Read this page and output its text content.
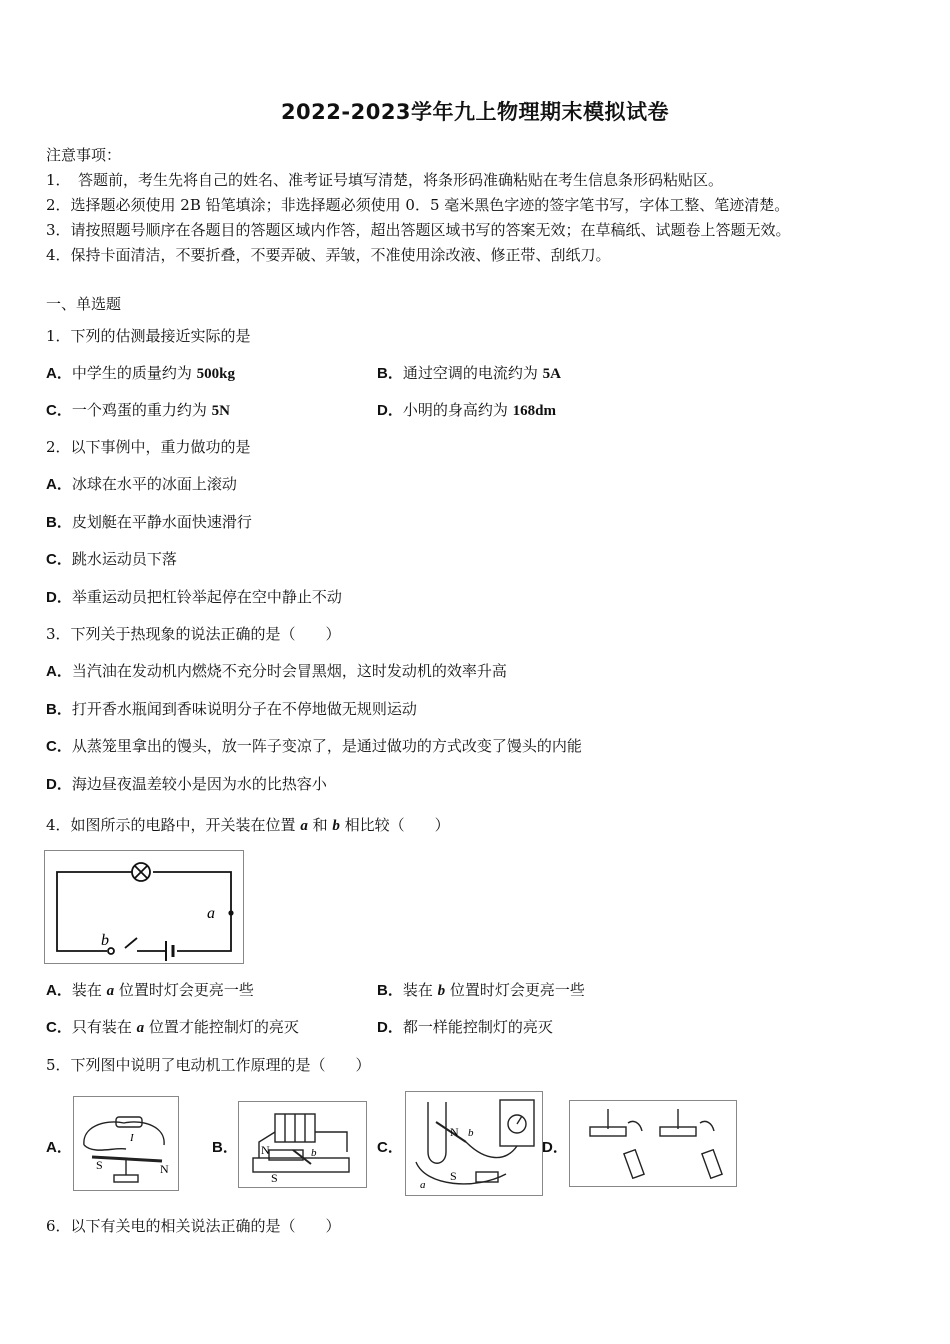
2022-2023学年九上物理期末模拟试卷
注意事项：
1．　答题前，考生先将自己的姓名、准考证号填写清楚，将条形码准确粘贴在考生信息条形码粘贴区。
2．选择题必须使用 2B 铅笔填涂；非选择题必须使用 0．5 毫米黑色字迹的签字笔书写，字体工整、笔迹清楚。
3．请按照题号顺序在各题目的答题区域内作答，超出答题区域书写的答案无效；在草稿纸、试题卷上答题无效。
4．保持卡面清洁，不要折叠，不要弄破、弄皱，不准使用涂改液、修正带、刮纸刀。
一、单选题
1．下列的估测最接近实际的是
A．中学生的质量约为 500kg	B．通过空调的电流约为 5A
C．一个鸡蛋的重力约为 5N	D．小明的身高约为 168dm
2．以下事例中，重力做功的是
A．冰球在水平的冰面上滚动
B．皮划艇在平静水面快速滑行
C．跳水运动员下落
D．举重运动员把杠铃举起停在空中静止不动
3．下列关于热现象的说法正确的是（　　）
A．当汽油在发动机内燃烧不充分时会冒黑烟，这时发动机的效率升高
B．打开香水瓶闻到香味说明分子在不停地做无规则运动
C．从蒸笼里拿出的馒头，放一阵子变凉了，是通过做功的方式改变了馒头的内能
D．海边昼夜温差较小是因为水的比热容小
4．如图所示的电路中，开关装在位置 a 和 b 相比较（　　）
a
b
A．装在 a 位置时灯会更亮一些	B．装在 b 位置时灯会更亮一些
C．只有装在 a 位置才能控制灯的亮灭	D．都一样能控制灯的亮灭
5．下列图中说明了电动机工作原理的是（　　）
A．
S	N
I
B． N
S
b	C．
N b
S
a
D．
6．以下有关电的相关说法正确的是（　　）
